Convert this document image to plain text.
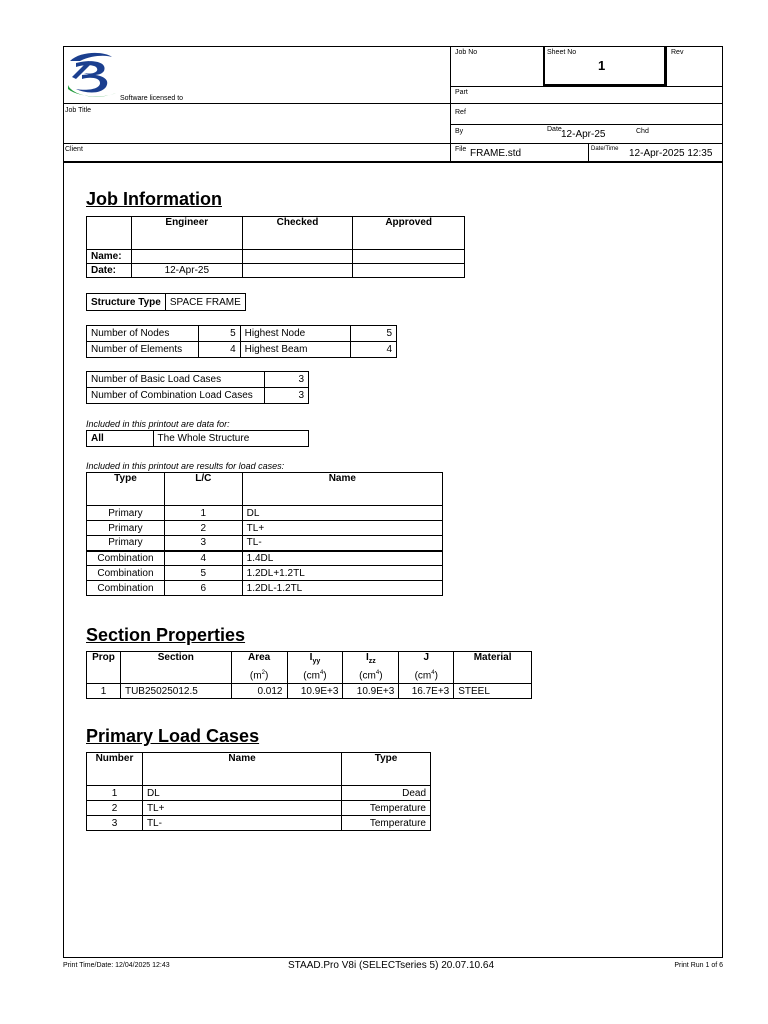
Software licensed to
Job Title
Client
Job No	Sheet No
1
Rev
Part
Ref
By	Date 12-Apr-25	Chd
File FRAME.std	Date/Time 12-Apr-2025 12:35
Job Information
	Engineer	Checked	Approved
Name:			
Date:	12-Apr-25		
Structure Type	SPACE FRAME
Number of Nodes	5	Highest Node	5
Number of Elements	4	Highest Beam	4
Number of Basic Load Cases	3
Number of Combination Load Cases	3
Included in this printout are data for:
All	The Whole Structure
Included in this printout are results for load cases:
Type	L/C	Name
Primary	1	DL
Primary	2	TL+
Primary	3	TL-
Combination	4	1.4DL
Combination	5	1.2DL+1.2TL
Combination	6	1.2DL-1.2TL
Section Properties
Prop	Section	Area	$I_{yy}$	$I_{zz}$	J	Material
		$(m^2)$	$(cm^4)$	$(cm^4)$	$(cm^4)$	
1	TUB25025012.5	0.012	10.9E+3	10.9E+3	16.7E+3	STEEL
Primary Load Cases
Number	Name	Type
1	DL	Dead
2	TL+	Temperature
3	TL-	Temperature
Print Time/Date: 12/04/2025 12:43	STAAD.Pro V8i (SELECTseries 5) 20.07.10.64	Print Run 1 of 6
